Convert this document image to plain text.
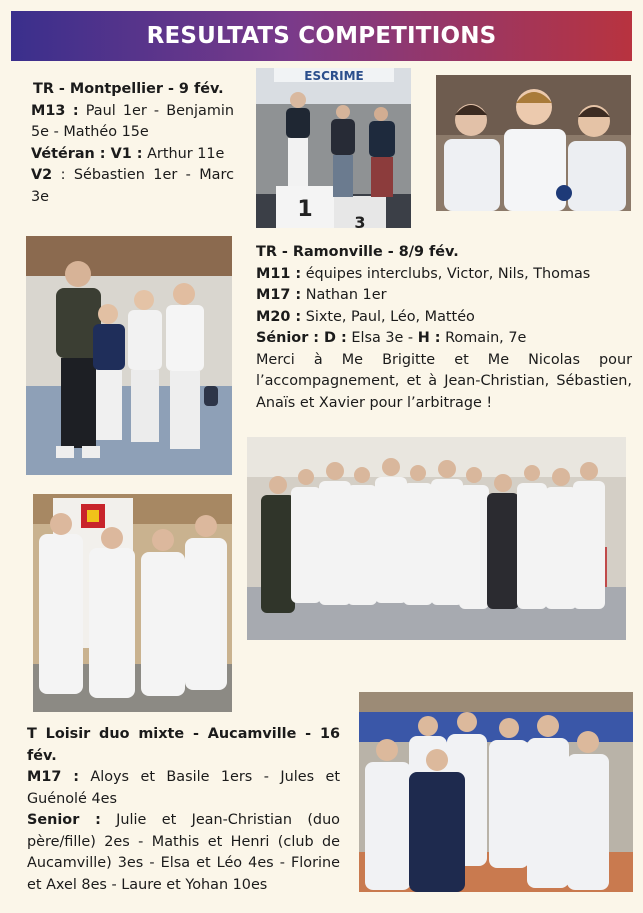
RESULTATS COMPETITIONS

TR - Montpellier - 9 fév.

M13 : Paul 1er - Benjamin 5e - Mathéo 15e

Vétéran : V1 : Arthur 11e

V2 : Sébastien 1er - Marc 3e

ESCRIME
1
3

TR - Ramonville - 8/9 fév.

M11 : équipes interclubs, Victor, Nils, Thomas

M17 : Nathan 1er

M20 : Sixte, Paul, Léo, Mattéo

Sénior : D : Elsa 3e - H : Romain, 7e

Merci à Me Brigitte et Me Nicolas pour l’accompagnement, et à Jean-Christian, Sébastien, Anaïs et Xavier pour l’arbitrage !

T Loisir duo mixte - Aucamville - 16 fév.

M17 : Aloys et Basile 1ers - Jules et Guénolé 4es

Senior : Julie et Jean-Christian (duo père/fille) 2es - Mathis et Henri (club de Aucamville) 3es - Elsa et Léo 4es - Florine et Axel 8es - Laure et Yohan 10es
